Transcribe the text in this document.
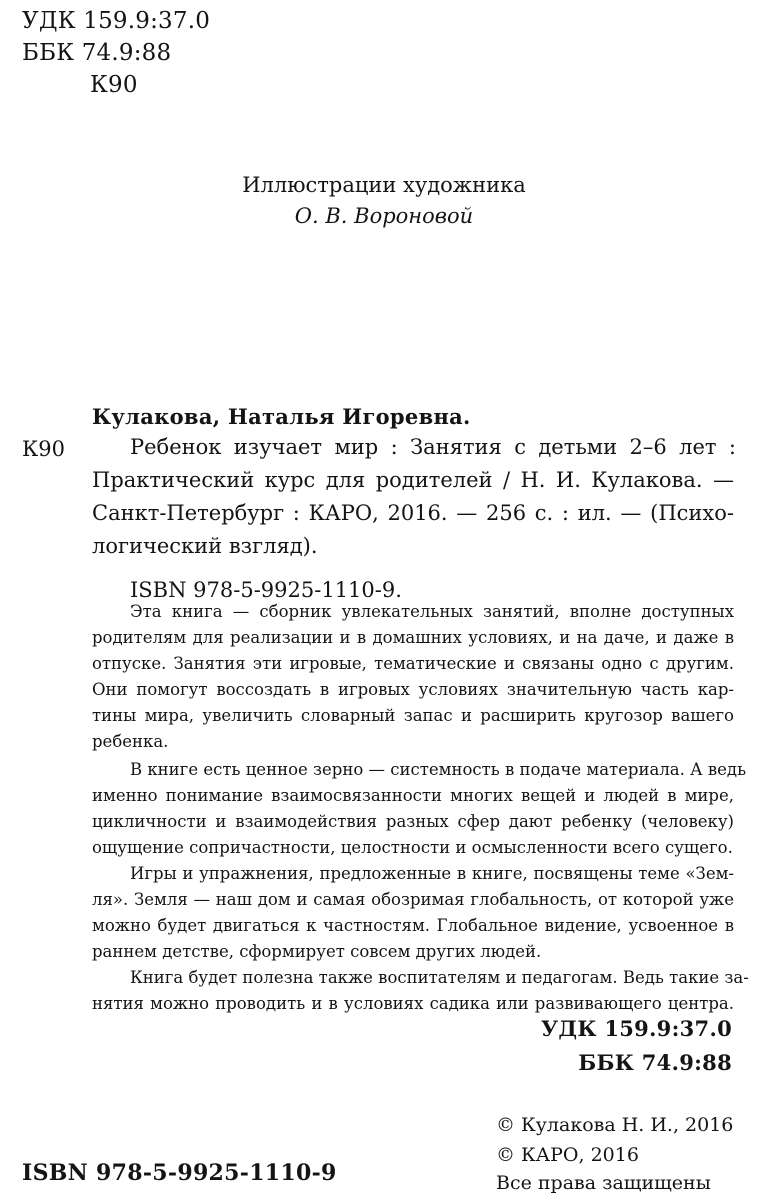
УДК 159.9:37.0
ББК 74.9:88
К90
Иллюстрации художника
О. В. Вороновой
Кулакова, Наталья Игоревна.
К90	Ребенок изучает мир : Занятия с детьми 2–6 лет :
Практический курс для родителей / Н. И. Кулакова. —
Санкт-Петербург : КАРО, 2016. — 256 с. : ил. — (Психо-
логический взгляд).
ISBN 978-5-9925-1110-9.
Эта книга — сборник увлекательных занятий, вполне доступных
родителям для реализации и в домашних условиях, и на даче, и даже в
отпуске. Занятия эти игровые, тематические и связаны одно с другим.
Они помогут воссоздать в игровых условиях значительную часть кар-
тины мира, увеличить словарный запас и расширить кругозор вашего
ребенка.
В книге есть ценное зерно — системность в подаче материала. А ведь
именно понимание взаимосвязанности многих вещей и людей в мире,
цикличности и взаимодействия разных сфер дают ребенку (человеку)
ощущение сопричастности, целостности и осмысленности всего сущего.
Игры и упражнения, предложенные в книге, посвящены теме «Зем-
ля». Земля — наш дом и самая обозримая глобальность, от которой уже
можно будет двигаться к частностям. Глобальное видение, усвоенное в
раннем детстве, сформирует совсем других людей.
Книга будет полезна также воспитателям и педагогам. Ведь такие за-
нятия можно проводить и в условиях садика или развивающего центра.
УДК 159.9:37.0
ББК 74.9:88
© Кулакова Н. И., 2016
© КАРО, 2016
Все права защищены
ISBN 978-5-9925-1110-9
